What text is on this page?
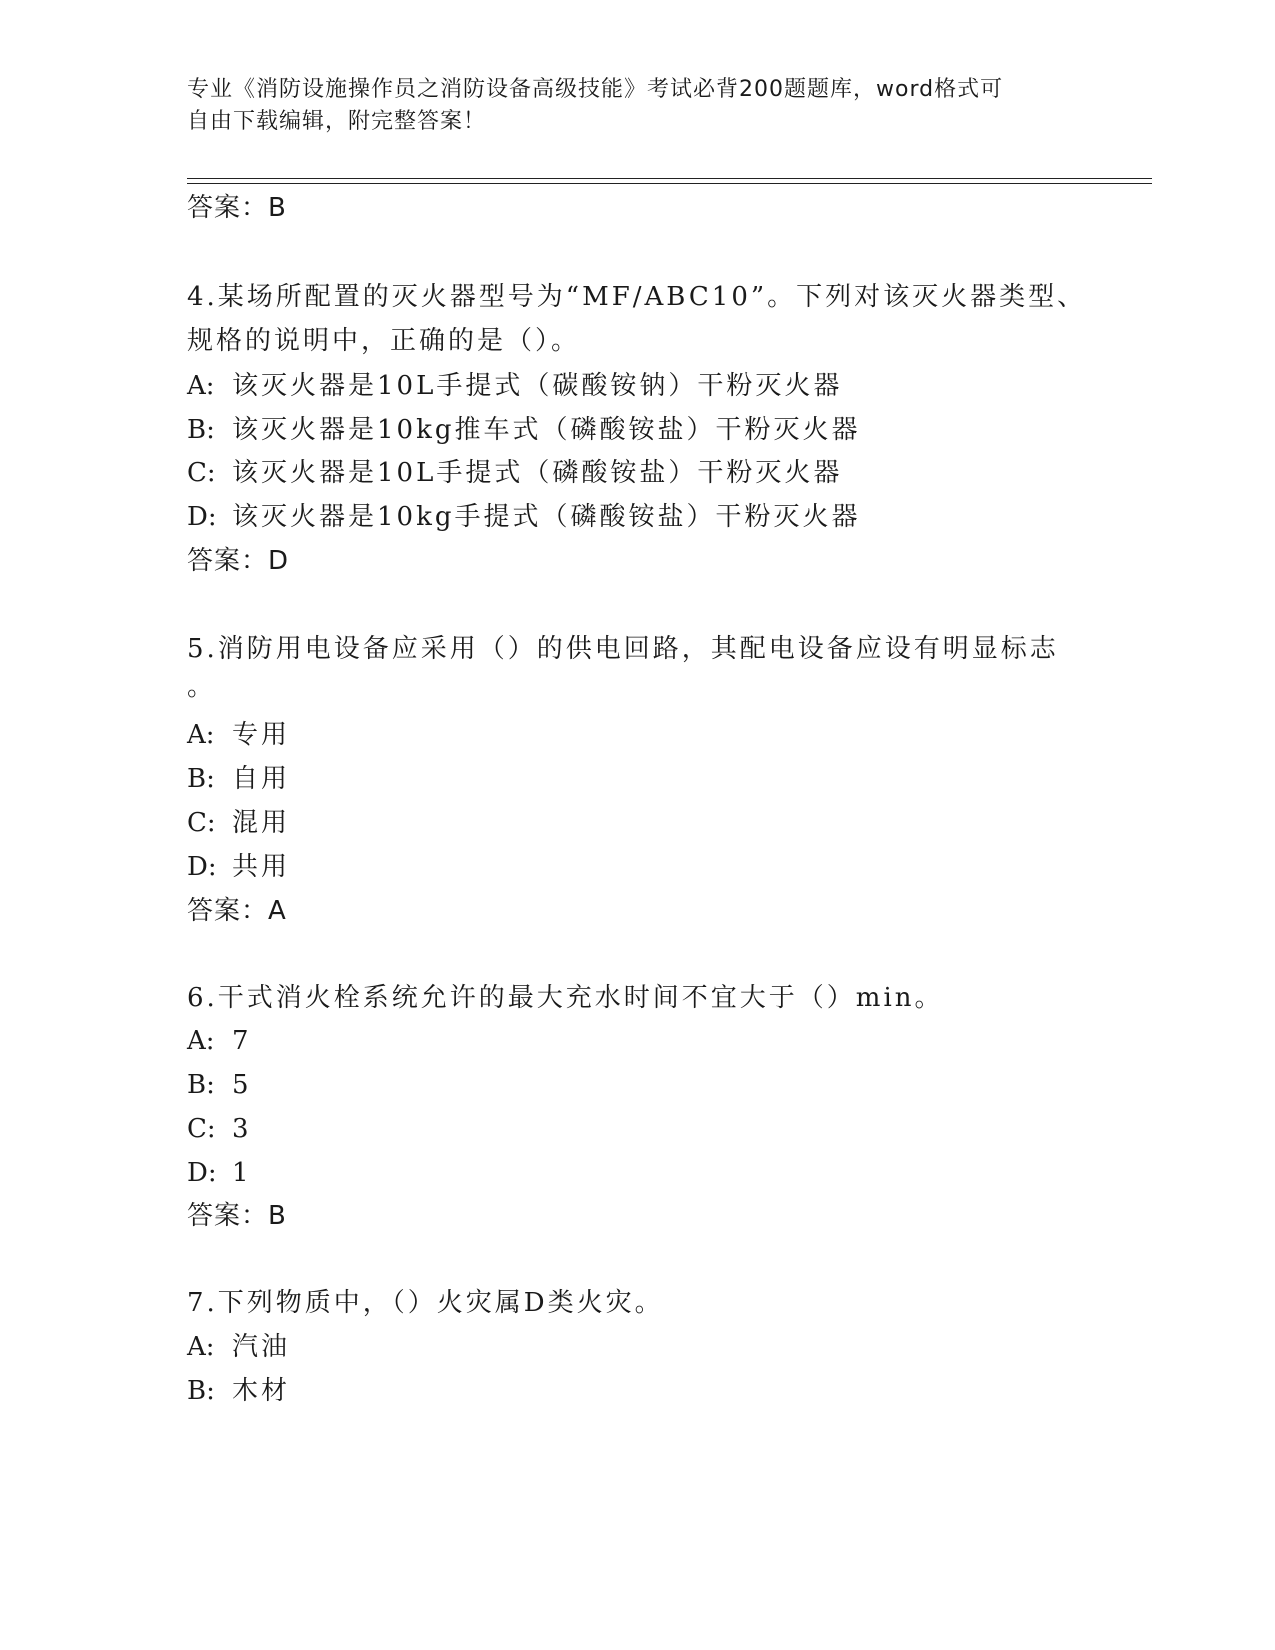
专业《消防设施操作员之消防设备高级技能》考试必背200题题库，word格式可
自由下载编辑，附完整答案！
答案：B
4.某场所配置的灭火器型号为“MF/ABC10”。下列对该灭火器类型、
规格的说明中，正确的是（）。
A: 该灭火器是10L手提式（碳酸铵钠）干粉灭火器
B: 该灭火器是10kg推车式（磷酸铵盐）干粉灭火器
C: 该灭火器是10L手提式（磷酸铵盐）干粉灭火器
D: 该灭火器是10kg手提式（磷酸铵盐）干粉灭火器
答案：D
5.消防用电设备应采用（）的供电回路，其配电设备应设有明显标志
。
A: 专用
B: 自用
C: 混用
D: 共用
答案：A
6.干式消火栓系统允许的最大充水时间不宜大于（）min。
A: 7
B: 5
C: 3
D: 1
答案：B
7.下列物质中，（）火灾属D类火灾。
A: 汽油
B: 木材
